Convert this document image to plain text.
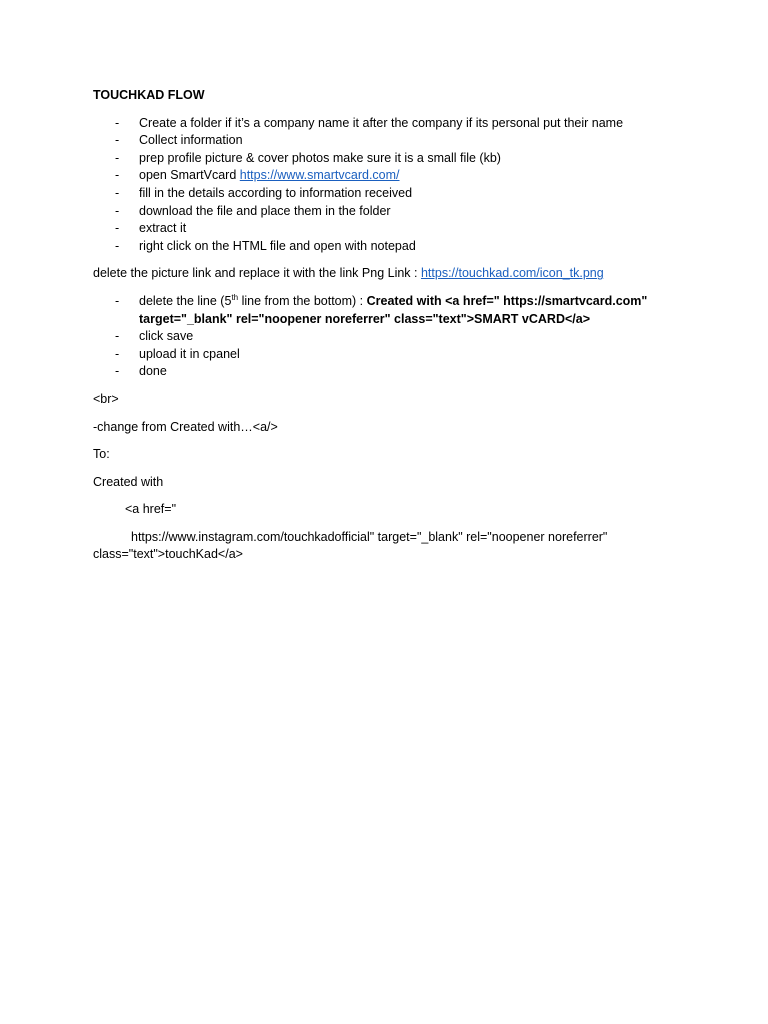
TOUCHKAD FLOW
- Create a folder if it’s a company name it after the company if its personal put their name
- Collect information
- prep profile picture & cover photos make sure it is a small file (kb)
- open SmartVcard https://www.smartvcard.com/
- fill in the details according to information received
- download the file and place them in the folder
- extract it
- right click on the HTML file and open with notepad

delete the picture link and replace it with the link Png Link : https://touchkad.com/icon_tk.png

- delete the line (5th line from the bottom) : Created with <a href=" https://smartvcard.com" target="_blank" rel="noopener noreferrer" class="text">SMART vCARD</a>
- click save
- upload it in cpanel
- done

<br>

-change from Created with…<a/>

To:

Created with

<a href="

https://www.instagram.com/touchkadofficial" target="_blank" rel="noopener noreferrer"
class="text">touchKad</a>
